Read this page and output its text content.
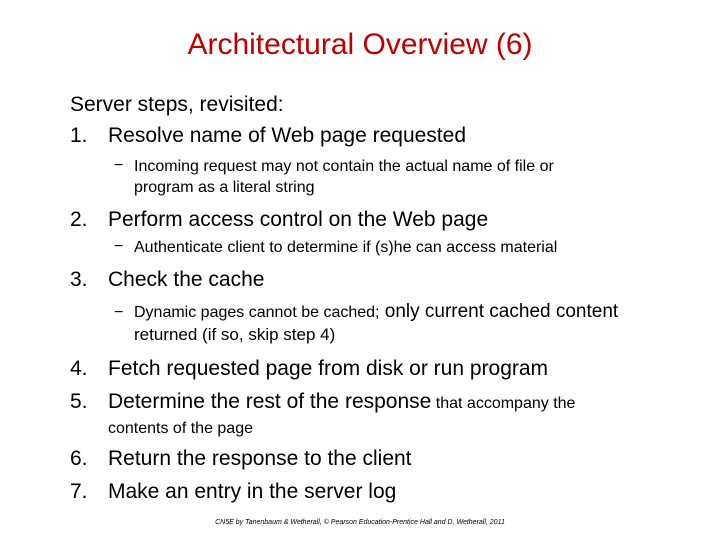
Architectural Overview (6)
Server steps, revisited:
1. Resolve name of Web page requested
− Incoming request may not contain the actual name of file or
program as a literal string
2. Perform access control on the Web page
− Authenticate client to determine if (s)he can access material
3. Check the cache
− Dynamic pages cannot be cached; only current cached content
returned (if so, skip step 4)
4. Fetch requested page from disk or run program
5. Determine the rest of the response that accompany the
contents of the page
6. Return the response to the client
7. Make an entry in the server log
CN5E by Tanenbaum & Wetherall, © Pearson Education-Prentice Hall and D. Wetherall, 2011
